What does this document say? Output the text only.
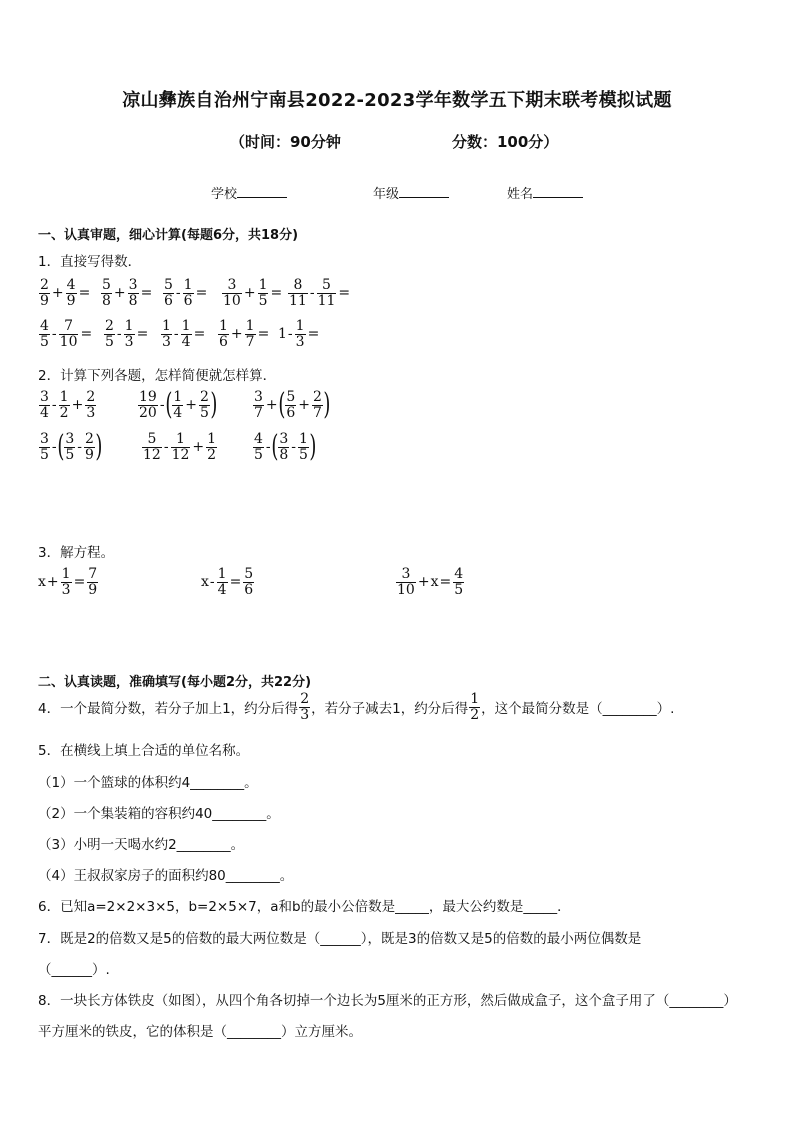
凉山彝族自治州宁南县2022-2023学年数学五下期末联考模拟试题
（时间：90分钟	分数：100分）
学校	年级	姓名
一、认真审题，细心计算(每题6分，共18分)
1．直接写得数．
$\frac{2}{9} + \frac{4}{9} = \frac{5}{8} + \frac{3}{8} = \frac{5}{6} - \frac{1}{6} = \frac{3}{10} + \frac{1}{5} = \frac{8}{11} - \frac{5}{11}$ =
$\frac{4}{5} - \frac{7}{10} = \frac{2}{5} - \frac{1}{3} = \frac{1}{3} - \frac{1}{4} = \frac{1}{6} + \frac{1}{7} = 1 - \frac{1}{3}$ =
2．计算下列各题，怎样简便就怎样算．
$\frac{3}{4} - \frac{1}{2} + \frac{2}{3}$	$\frac{19}{20}$ - ( $\frac{1}{4} + \frac{2}{5}$ )	$\frac{3}{7}$ + ( $\frac{5}{6} + \frac{2}{7}$ )
$\frac{3}{5}$ - ( $\frac{3}{5} - \frac{2}{9}$ )	$\frac{5}{12} - \frac{1}{12} + \frac{1}{2}$	$\frac{4}{5}$ - ( $\frac{3}{8} - \frac{1}{5}$ )
3．解方程。
$x + \frac{1}{3} = \frac{7}{9}$	$x - \frac{1}{4} = \frac{5}{6}$	$\frac{3}{10} + x = \frac{4}{5}$
二、认真读题，准确填写(每小题2分，共22分)
4．一个最简分数，若分子加上1，约分后得 $\frac{2}{3}$ ，若分子减去1，约分后得 $\frac{1}{2}$ ，这个最简分数是（________）.
5．在横线上填上合适的单位名称。
（1）一个篮球的体积约4________。
（2）一个集装箱的容积约40________。
（3）小明一天喝水约2________。
（4）王叔叔家房子的面积约80________。
6．已知a=2×2×3×5，b=2×5×7，a和b的最小公倍数是_____，最大公约数是_____．
7．既是2的倍数又是5的倍数的最大两位数是（______），既是3的倍数又是5的倍数的最小两位偶数是
（______）.
8．一块长方体铁皮（如图），从四个角各切掉一个边长为5厘米的正方形，然后做成盒子，这个盒子用了（________）
平方厘米的铁皮，它的体积是（________）立方厘米。
